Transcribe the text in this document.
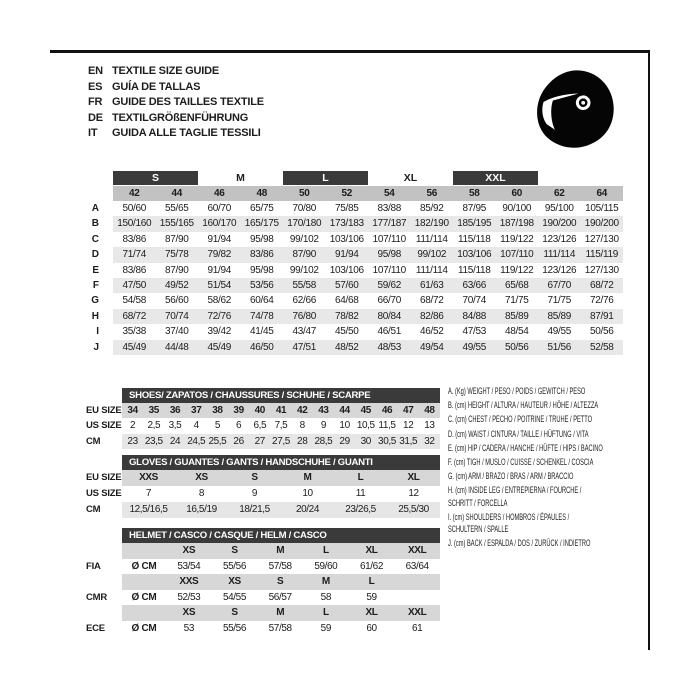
EN TEXTILE SIZE GUIDE
ES GUÍA DE TALLAS
FR GUIDE DES TAILLES TEXTILE
DE TEXTILGRÖßENFÜHRUNG
IT	GUIDA ALLE TAGLIE TESSILI
S	M	L	XL	XXL
42	44	46	48	50	52	54	56	58	60	62	64
A	50/60	55/65	60/70	65/75	70/80	75/85	83/88	85/92	87/95	90/100	95/100	105/115
B	150/160 155/165 160/170 165/175 170/180 173/183 177/187 182/190 185/195 187/198 190/200 190/200
C	83/86	87/90	91/94	95/98	99/102	103/106 107/110 111/114	115/118 119/122 123/126 127/130
D	71/74	75/78	79/82	83/86	87/90	91/94	95/98	99/102	103/106 107/110 111/114	115/119
E	83/86	87/90	91/94	95/98	99/102	103/106 107/110 111/114	115/118 119/122 123/126 127/130
F	47/50	49/52	51/54	53/56	55/58	57/60	59/62	61/63	63/66	65/68	67/70	68/72
G	54/58	56/60	58/62	60/64	62/66	64/68	66/70	68/72	70/74	71/75	71/75	72/76
H	68/72	70/74	72/76	74/78	76/80	78/82	80/84	82/86	84/88	85/89	85/89	87/91
I	35/38	37/40	39/42	41/45	43/47	45/50	46/51	46/52	47/53	48/54	49/55	50/56
J	45/49	44/48	45/49	46/50	47/51	48/52	48/53	49/54	49/55	50/56	51/56	52/58
SHOES/ ZAPATOS / CHAUSSURES / SCHUHE / SCARPE
EU SIZE 34	35	36	37	38	39	40	41	42	43	44	45	46	47	48
US SIZE 2	2,5 3,5	4	5	6	6,5 7,5	8	9	10 10,5 11,5 12	13
CM	23 23,5 24 24,5 25,5 26	27 27,5 28 28,5 29	30 30,5 31,5 32
GLOVES / GUANTES / GANTS / HANDSCHUHE / GUANTI
EU SIZE	XXS	XS	S	M	L	XL
US SIZE	7	8	9	10	11	12
CM	12,5/16,5	16,5/19	18/21,5	20/24	23/26,5	25,5/30
HELMET / CASCO / CASQUE / HELM / CASCO
XS	S	M	L	XL	XXL
FIA	Ø CM	53/54	55/56	57/58	59/60	61/62	63/64
XXS	XS	S	M	L
CMR	Ø CM	52/53	54/55	56/57	58	59
XS	S	M	L	XL	XXL
ECE	Ø CM	53	55/56	57/58	59	60	61
A. (Kg) WEIGHT / PESO / POIDS / GEWITCH / PESO
B. (cm) HEIGHT / ALTURA / HAUTEUR / HÖHE / ALTEZZA
C. (cm) CHEST / PECHO / POITRINE / TRUHE / PETTO
D. (cm) WAIST / CINTURA / TAILLE / HÜFTUNG / VITA
E. (cm) HIP / CADERA / HANCHE / HÜFTE / HIPS / BACINO
F. (cm) TIGH / MUSLO / CUISSE / SCHENKEL / COSCIA
G. (cm) ARM / BRAZO / BRAS / ARM / BRACCIO
H. (cm) INSIDE LEG / ENTREPIERNA / FOURCHE /
SCHRITT / FORCELLA
I. (cm) SHOULDERS / HOMBROS / ÉPAULES /
SCHULTERN / SPALLE
J. (cm) BACK / ESPALDA / DOS / ZURÜCK / INDIETRO
